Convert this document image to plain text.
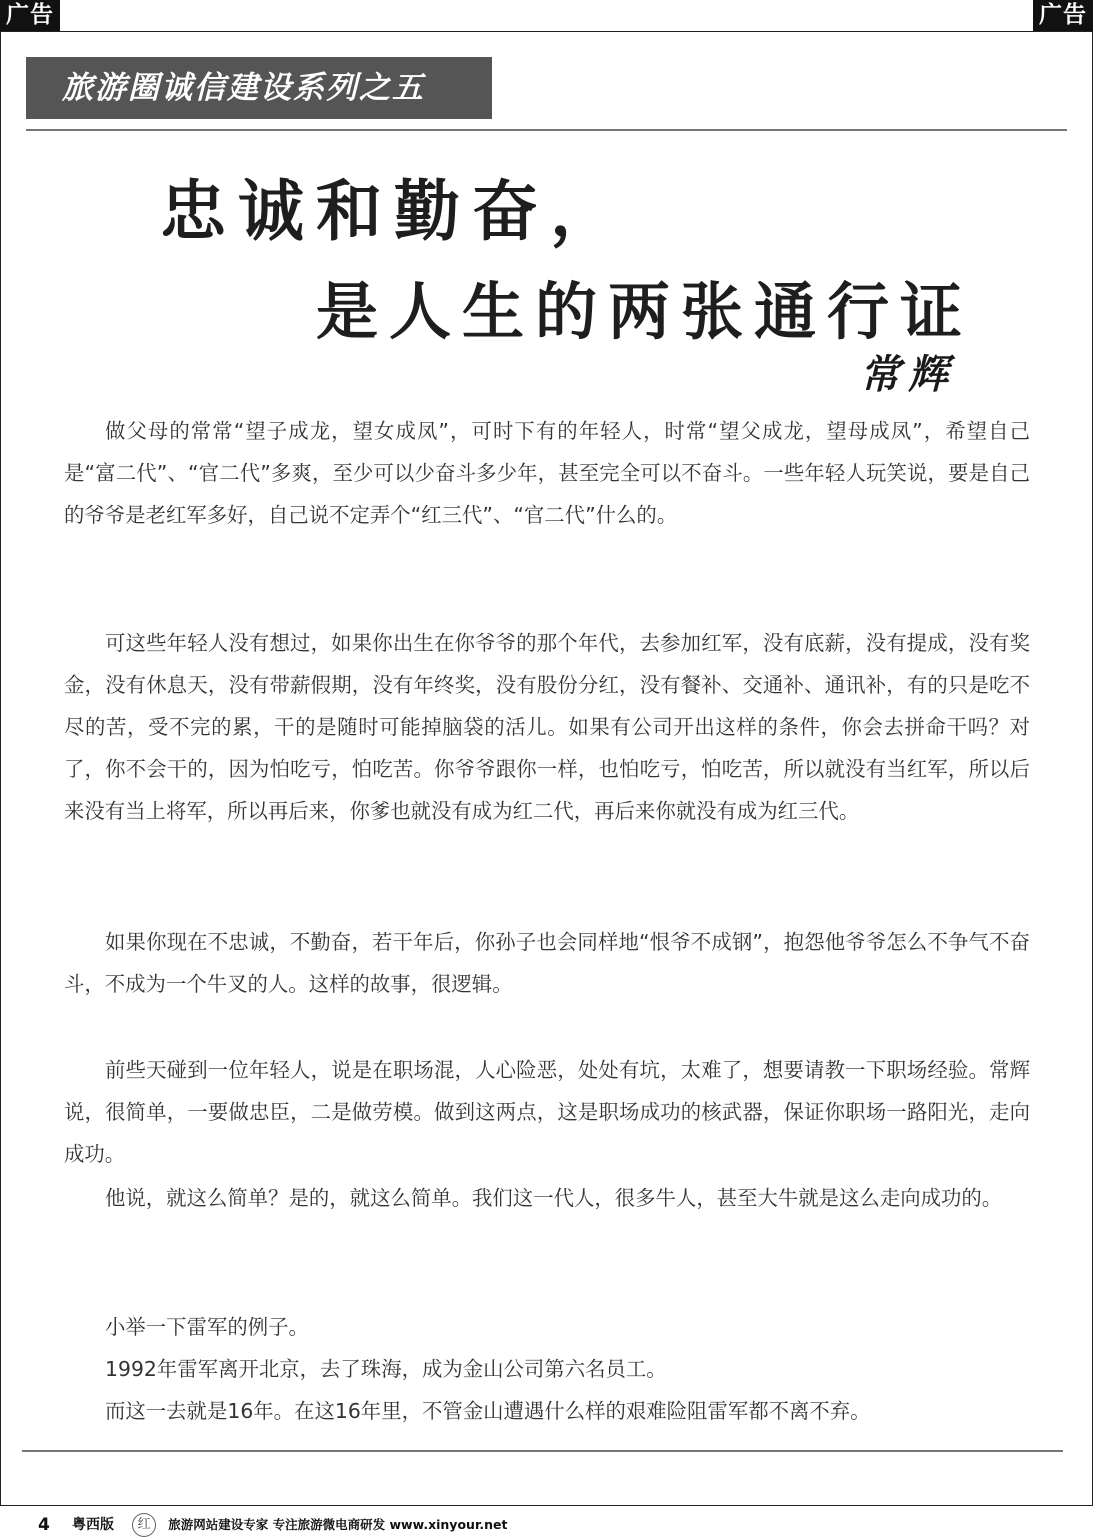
广告	广告
旅游圈诚信建设系列之五
忠诚和勤奋，
是人生的两张通行证
常辉

做父母的常常“望子成龙，望女成凤”，可时下有的年轻人，时常“望父成龙，望母成凤”，希望自己是“富二代”、“官二代”多爽，至少可以少奋斗多少年，甚至完全可以不奋斗。一些年轻人玩笑说，要是自己的爷爷是老红军多好，自己说不定弄个“红三代”、“官二代”什么的。

可这些年轻人没有想过，如果你出生在你爷爷的那个年代，去参加红军，没有底薪，没有提成，没有奖金，没有休息天，没有带薪假期，没有年终奖，没有股份分红，没有餐补、交通补、通讯补，有的只是吃不尽的苦，受不完的累，干的是随时可能掉脑袋的活儿。如果有公司开出这样的条件，你会去拼命干吗？对了，你不会干的，因为怕吃亏，怕吃苦。你爷爷跟你一样，也怕吃亏，怕吃苦，所以就没有当红军，所以后来没有当上将军，所以再后来，你爹也就没有成为红二代，再后来你就没有成为红三代。

如果你现在不忠诚，不勤奋，若干年后，你孙子也会同样地“恨爷不成钢”，抱怨他爷爷怎么不争气不奋斗，不成为一个牛叉的人。这样的故事，很逻辑。

前些天碰到一位年轻人，说是在职场混，人心险恶，处处有坑，太难了，想要请教一下职场经验。常辉说，很简单，一要做忠臣，二是做劳模。做到这两点，这是职场成功的核武器，保证你职场一路阳光，走向成功。

他说，就这么简单？是的，就这么简单。我们这一代人，很多牛人，甚至大牛就是这么走向成功的。

小举一下雷军的例子。

1992年雷军离开北京，去了珠海，成为金山公司第六名员工。

而这一去就是16年。在这16年里，不管金山遭遇什么样的艰难险阻雷军都不离不弃。

4 粤西版 红 旅游网站建设专家 专注旅游微电商研发 www.xinyour.net
